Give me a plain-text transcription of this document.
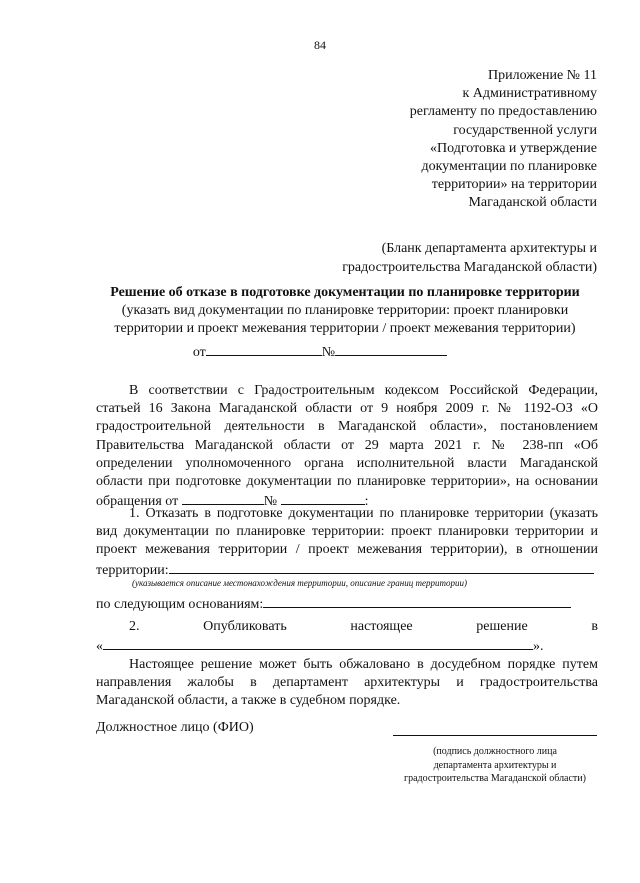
84
Приложение № 11
к Административному
регламенту по предоставлению
государственной услуги
«Подготовка и утверждение
документации по планировке
территории» на территории
Магаданской области
(Бланк департамента архитектуры и
градостроительства Магаданской области)
Решение об отказе в подготовке документации по планировке территории
(указать вид документации по планировке территории: проект планировки
территории и проект межевания территории / проект межевания территории)
от	№
В соответствии с Градостроительным кодексом Российской Федерации,
статьей 16 Закона Магаданской области от 9 ноября 2009 г. № 1192-ОЗ «О
градостроительной деятельности в Магаданской области», постановлением
Правительства Магаданской области от 29 марта 2021 г. № 238-пп «Об
определении уполномоченного органа исполнительной власти Магаданской
области при подготовке документации по планировке территории», на основании
обращения от	№	:
1. Отказать в подготовке документации по планировке территории (указать
вид документации по планировке территории: проект планировки территории и
проект межевания территории / проект межевания территории), в отношении
территории:
(указывается описание местонахождения территории, описание границ территории)
по следующим основаниям:
2.	Опубликовать	настоящее	решение	в
«	».
Настоящее решение может быть обжаловано в досудебном порядке путем
направления жалобы в департамент архитектуры и градостроительства
Магаданской области, а также в судебном порядке.
Должностное лицо (ФИО)
(подпись должностного лица
департамента архитектуры и
градостроительства Магаданской области)
